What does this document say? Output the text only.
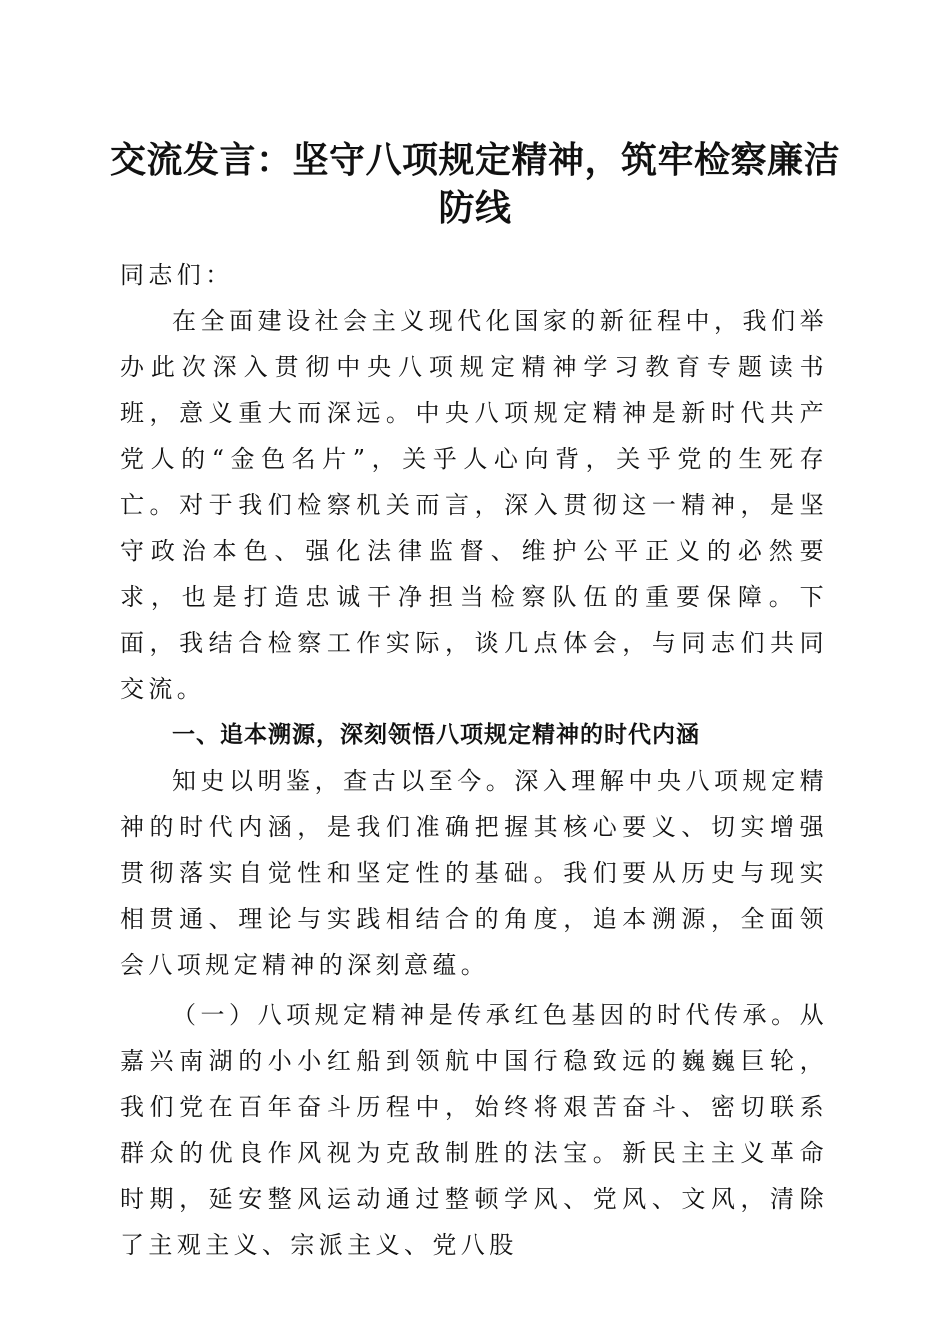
交流发言：坚守八项规定精神，筑牢检察廉洁
防线

同志们：

在全面建设社会主义现代化国家的新征程中，我们举办此次深入贯彻中央八项规定精神学习教育专题读书班，意义重大而深远。中央八项规定精神是新时代共产党人的“金色名片”，关乎人心向背，关乎党的生死存亡。对于我们检察机关而言，深入贯彻这一精神，是坚守政治本色、强化法律监督、维护公平正义的必然要求，也是打造忠诚干净担当检察队伍的重要保障。下面，我结合检察工作实际，谈几点体会，与同志们共同交流。

一、追本溯源，深刻领悟八项规定精神的时代内涵

知史以明鉴，查古以至今。深入理解中央八项规定精神的时代内涵，是我们准确把握其核心要义、切实增强贯彻落实自觉性和坚定性的基础。我们要从历史与现实相贯通、理论与实践相结合的角度，追本溯源，全面领会八项规定精神的深刻意蕴。

（一）八项规定精神是传承红色基因的时代传承。从嘉兴南湖的小小红船到领航中国行稳致远的巍巍巨轮，我们党在百年奋斗历程中，始终将艰苦奋斗、密切联系群众的优良作风视为克敌制胜的法宝。新民主主义革命时期，延安整风运动通过整顿学风、党风、文风，清除了主观主义、宗派主义、党八股
